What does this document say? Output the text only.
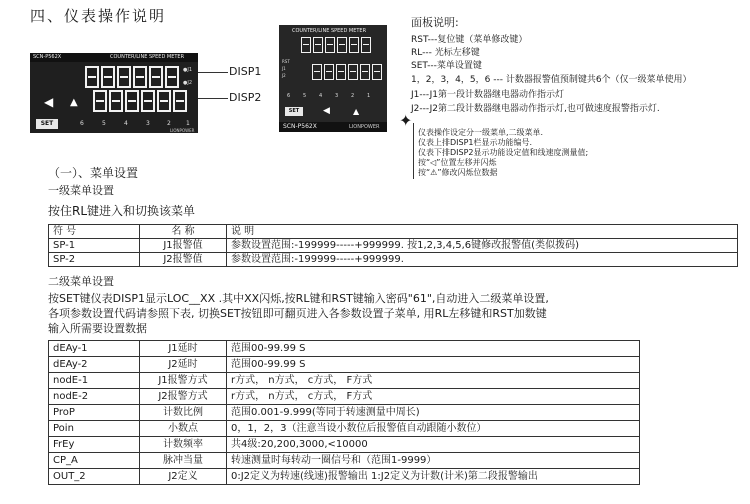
四、仪表操作说明
SCN-P562X	COUNTER/LINE SPEED METER
●J1
●J2
◀ ▲
SET	6	5	4	3	2	1
LIONPOWER
DISP1
DISP2
COUNTER/LINE SPEED METER
RST
J1
J2
6	5	4	3	2	1
SET	◀	▲
SCN-P562X	LIONPOWER
面板说明:
RST---复位键（菜单修改键）
RL--- 光标左移键
SET---菜单设置键
1，2，3，4，5，6 --- 计数器报警值预制键共6个（仅一级菜单使用）
J1---J1第一段计数器继电器动作指示灯
J2---J2第二段计数器继电器动作指示灯,也可做速度报警指示灯.
✦
仪表操作设定分一级菜单,二级菜单.
仪表上排DISP1栏显示功能编号.
仪表下排DISP2显示功能设定值和线速度测量值;
按“◁”位置左移并闪烁
按“⚠”修改闪烁位数据
（一）、菜单设置
一级菜单设置
按住RL键进入和切换该菜单
符 号	名 称	说 明
SP-1	J1报警值	参数设置范围:-199999-----+999999. 按1,2,3,4,5,6键修改报警值(类似拨码)
SP-2	J2报警值	参数设置范围:-199999-----+999999.
二级菜单设置
按SET键仪表DISP1显示LOC__XX .其中XX闪烁,按RL键和RST键输入密码"61",自动进入二级菜单设置,
各项参数设置代码请参照下表, 切换SET按钮即可翻页进入各参数设置子菜单, 用RL左移键和RST加数键
输入所需要设置数据
dEAy-1	J1延时	范围00-99.99 S
dEAy-2	J2延时	范围00-99.99 S
nodE-1	J1报警方式	r方式， n方式， c方式， F方式
nodE-2	J2报警方式	r方式， n方式， c方式， F方式
ProP	计数比例	范围0.001-9.999(等同于转速测量中周长)
Poin	小数点	0，1，2，3（注意当设小数位后报警值自动跟随小数位）
FrEy	计数频率	共4级:20,200,3000,<10000
CP_A	脉冲当量	转速测量时每转动一圈信号和（范围1-9999）
OUT_2	J2定义	0:J2定义为转速(线速)报警输出 1:J2定义为计数(计米)第二段报警输出
